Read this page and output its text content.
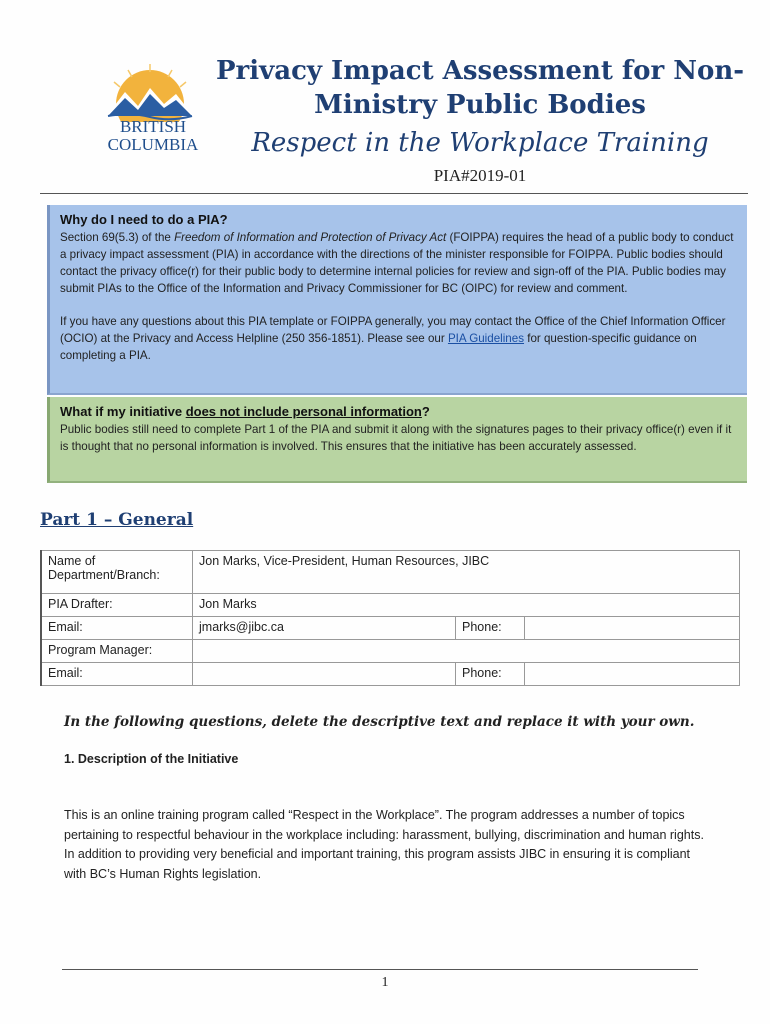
BRITISH
COLUMBIA
Privacy Impact Assessment for Non-Ministry Public Bodies
Respect in the Workplace Training
PIA#2019-01
Why do I need to do a PIA?

Section 69(5.3) of the Freedom of Information and Protection of Privacy Act (FOIPPA) requires the head of a public body to conduct a privacy impact assessment (PIA) in accordance with the directions of the minister responsible for FOIPPA. Public bodies should contact the privacy office(r) for their public body to determine internal policies for review and sign-off of the PIA. Public bodies may submit PIAs to the Office of the Information and Privacy Commissioner for BC (OIPC) for review and comment.

If you have any questions about this PIA template or FOIPPA generally, you may contact the Office of the Chief Information Officer (OCIO) at the Privacy and Access Helpline (250 356-1851). Please see our PIA Guidelines for question-specific guidance on completing a PIA.

What if my initiative does not include personal information?

Public bodies still need to complete Part 1 of the PIA and submit it along with the signatures pages to their privacy office(r) even if it is thought that no personal information is involved. This ensures that the initiative has been accurately assessed.

Part 1 – General
Name of Department/Branch:	Jon Marks, Vice-President, Human Resources, JIBC		
PIA Drafter:	Jon Marks		
Email:	jmarks@jibc.ca	Phone:	
Program Manager:			
Email:		Phone:	
In the following questions, delete the descriptive text and replace it with your own.
1. Description of the Initiative
This is an online training program called “Respect in the Workplace”. The program addresses a number of topics pertaining to respectful behaviour in the workplace including: harassment, bullying, discrimination and human rights. In addition to providing very beneficial and important training, this program assists JIBC in ensuring it is compliant with BC’s Human Rights legislation.
1
